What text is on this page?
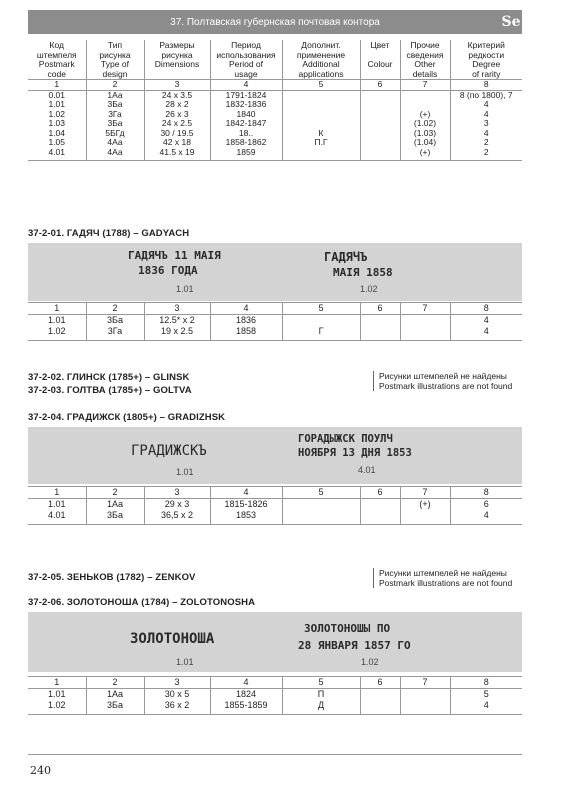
37. Полтавская губернская почтовая контора	Se
Код
штемпеля
Postmark
code	Тип
рисунка
Type of
design	Размеры
рисунка
Dimensions	Период
использования
Period of
usage	Дополнит.
применение
Additional
applications	Цвет

Colour	Прочие
сведения
Other
details	Критерий
редкости
Degree
of rarity
1	2	3	4	5	6	7	8
0.01	1Аа	24 x 3.5	1791-1824				8 (по 1800), 7
1.01	3Ба	28 x 2	1832-1836				4
1.02	3Га	26 x 3	1840			(+)	4
1.03	3Ба	24 x 2.5	1842-1847			(1.02)	3
1.04	5БГд	30 / 19.5	18..	К		(1.03)	4
1.05	4Аа	42 x 18	1858-1862	П.Г		(1.04)	2
4.01	4Аа	41.5 x 19	1859			(+)	2

37-2-01. ГАДЯЧ (1788) – GADYACH
ГАДЯЧЪ 11 МАIЯ
1836 ГОДА
1.01
ГАДЯЧЪ
МАIЯ 1858
1.02
1	2	3	4	5	6	7	8
1.01	3Ба	12.5* x 2	1836				4
1.02	3Га	19 x 2.5	1858	Г			4

37-2-02. ГЛИНСК (1785+) – GLINSK
37-2-03. ГОЛТВА (1785+) – GOLTVA
Рисунки штемпелей не найдены
Postmark illustrations are not found
37-2-04. ГРАДИЖСК (1805+) – GRADIZHSK
ГРАДИЖСКЪ
1.01
ГОРАДЫЖСК ПОУЛЧ
НОЯБРЯ 13 ДНЯ 1853
4.01
1	2	3	4	5	6	7	8
1.01	1Аа	29 x 3	1815-1826			(+)	6
4.01	3Ба	36,5 x 2	1853				4

37-2-05. ЗЕНЬКОВ (1782) – ZENKOV	Рисунки штемпелей не найдены
Postmark illustrations are not found
37-2-06. ЗОЛОТОНОША (1784) – ZOLOTONOSHA
ЗОЛОТОНОША
1.01
ЗОЛОТОНОШЫ ПО
28 ЯНВАРЯ 1857 ГО
1.02
1	2	3	4	5	6	7	8
1.01	1Аа	30 x 5	1824	П			5
1.02	3Ба	36 x 2	1855-1859	Д			4

240
